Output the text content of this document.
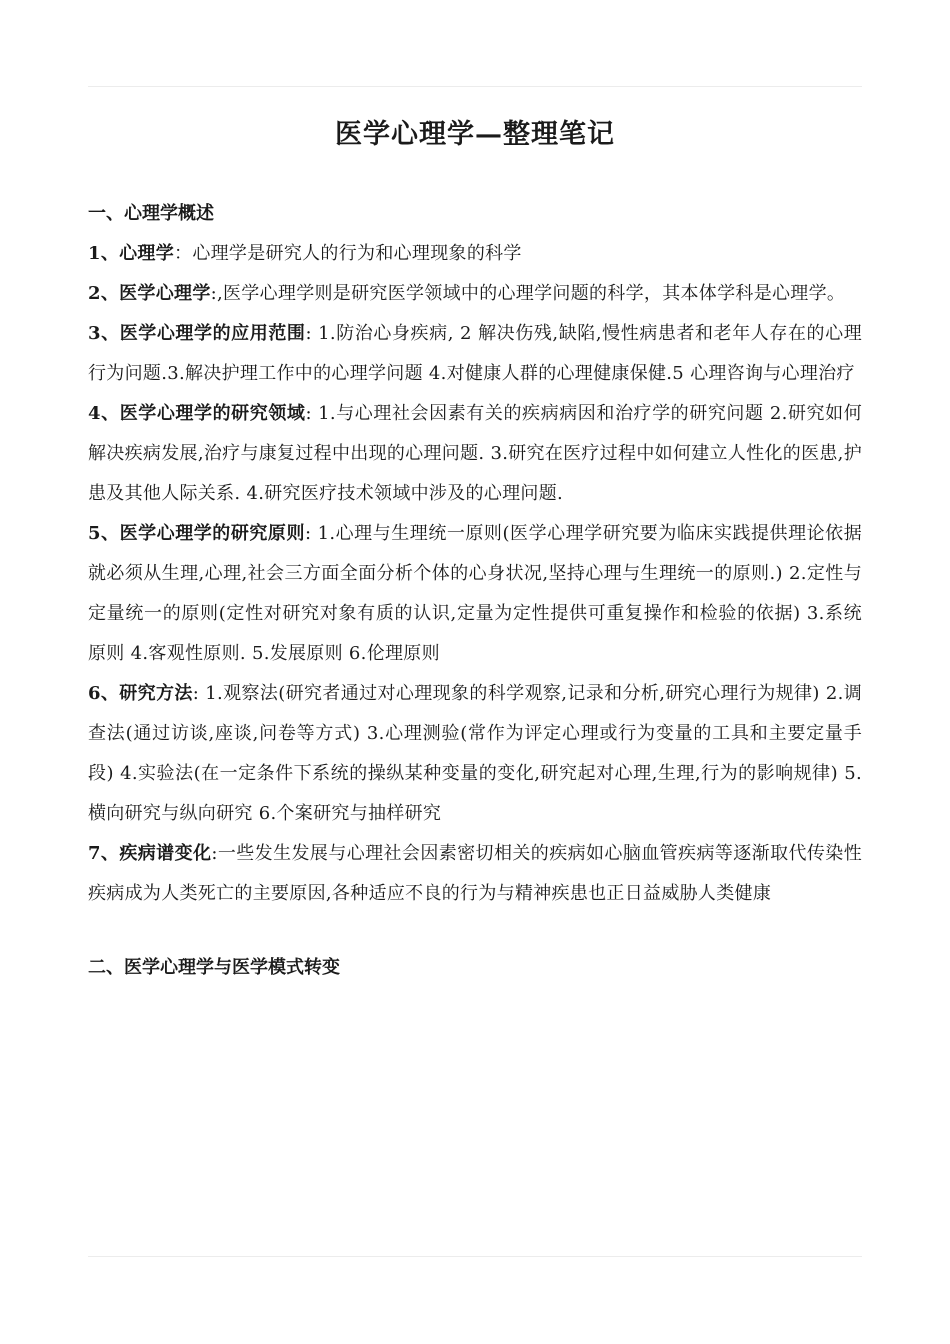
医学心理学—整理笔记
一、心理学概述

1、心理学：心理学是研究人的行为和心理现象的科学

2、医学心理学:,医学心理学则是研究医学领域中的心理学问题的科学，其本体学科是心理学。

3、医学心理学的应用范围: 1.防治心身疾病, 2 解决伤残,缺陷,慢性病患者和老年人存在的心理行为问题.3.解决护理工作中的心理学问题 4.对健康人群的心理健康保健.5 心理咨询与心理治疗

4、医学心理学的研究领域: 1.与心理社会因素有关的疾病病因和治疗学的研究问题 2.研究如何解决疾病发展,治疗与康复过程中出现的心理问题. 3.研究在医疗过程中如何建立人性化的医患,护患及其他人际关系. 4.研究医疗技术领域中涉及的心理问题.

5、医学心理学的研究原则: 1.心理与生理统一原则(医学心理学研究要为临床实践提供理论依据就必须从生理,心理,社会三方面全面分析个体的心身状况,坚持心理与生理统一的原则.) 2.定性与定量统一的原则(定性对研究对象有质的认识,定量为定性提供可重复操作和检验的依据) 3.系统原则 4.客观性原则. 5.发展原则 6.伦理原则

6、研究方法: 1.观察法(研究者通过对心理现象的科学观察,记录和分析,研究心理行为规律) 2.调查法(通过访谈,座谈,问卷等方式) 3.心理测验(常作为评定心理或行为变量的工具和主要定量手段) 4.实验法(在一定条件下系统的操纵某种变量的变化,研究起对心理,生理,行为的影响规律) 5.横向研究与纵向研究 6.个案研究与抽样研究

7、疾病谱变化:一些发生发展与心理社会因素密切相关的疾病如心脑血管疾病等逐渐取代传染性疾病成为人类死亡的主要原因,各种适应不良的行为与精神疾患也正日益威胁人类健康

二、医学心理学与医学模式转变
